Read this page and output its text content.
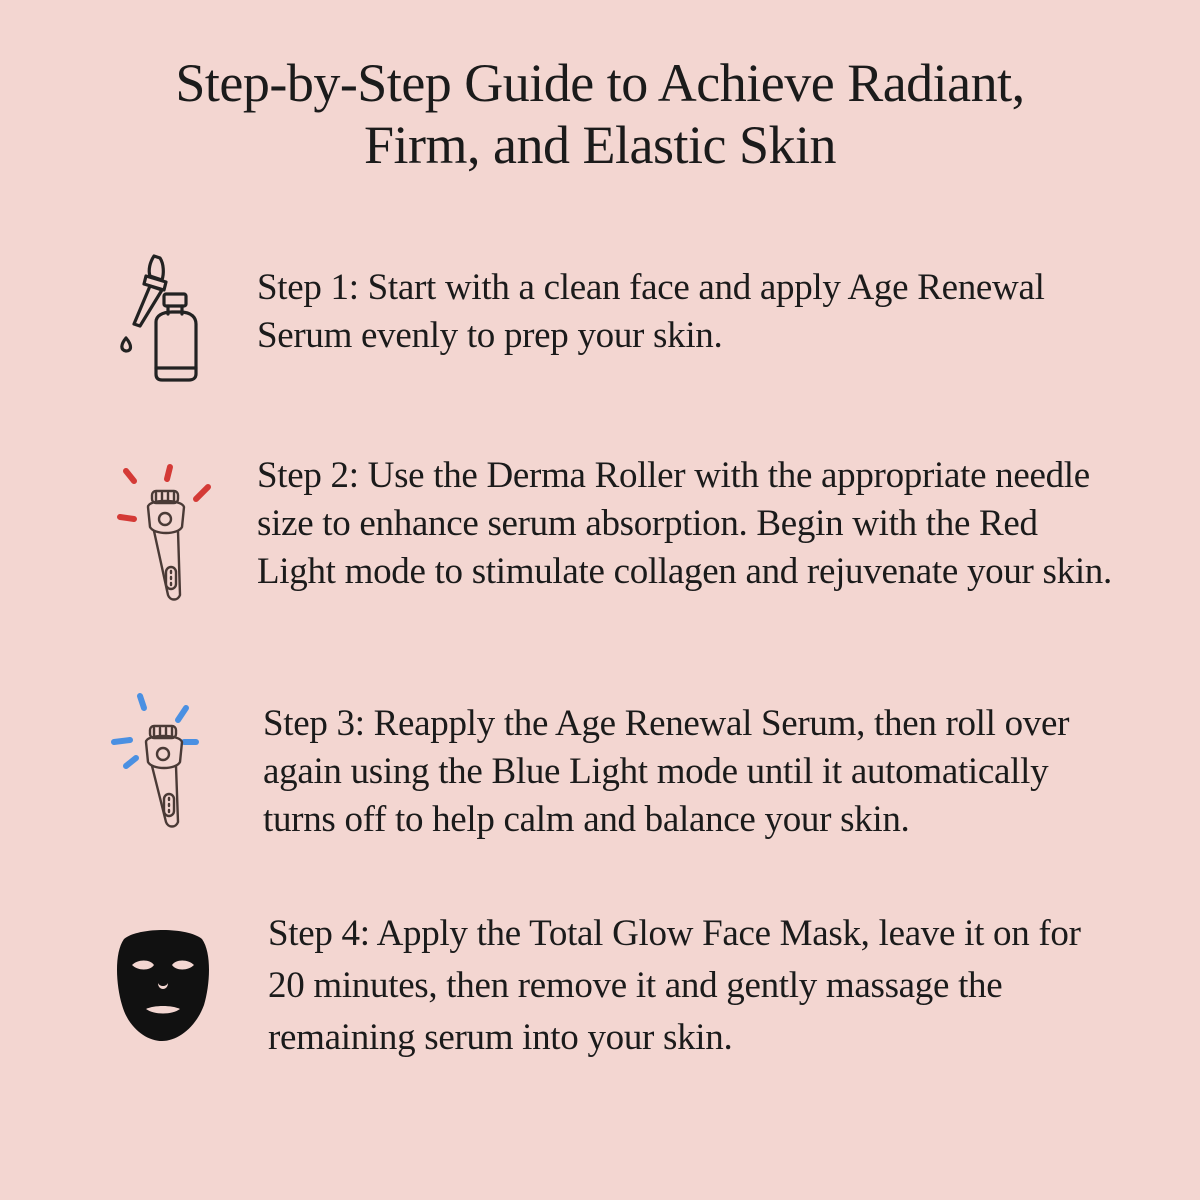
Step-by-Step Guide to Achieve Radiant,
Firm, and Elastic Skin
Step 1: Start with a clean face and apply Age Renewal
Serum evenly to prep your skin.
Step 2: Use the Derma Roller with the appropriate needle
size to enhance serum absorption. Begin with the Red
Light mode to stimulate collagen and rejuvenate your skin.
Step 3: Reapply the Age Renewal Serum, then roll over
again using the Blue Light mode until it automatically
turns off to help calm and balance your skin.
Step 4: Apply the Total Glow Face Mask, leave it on for
20 minutes, then remove it and gently massage the
remaining serum into your skin.
